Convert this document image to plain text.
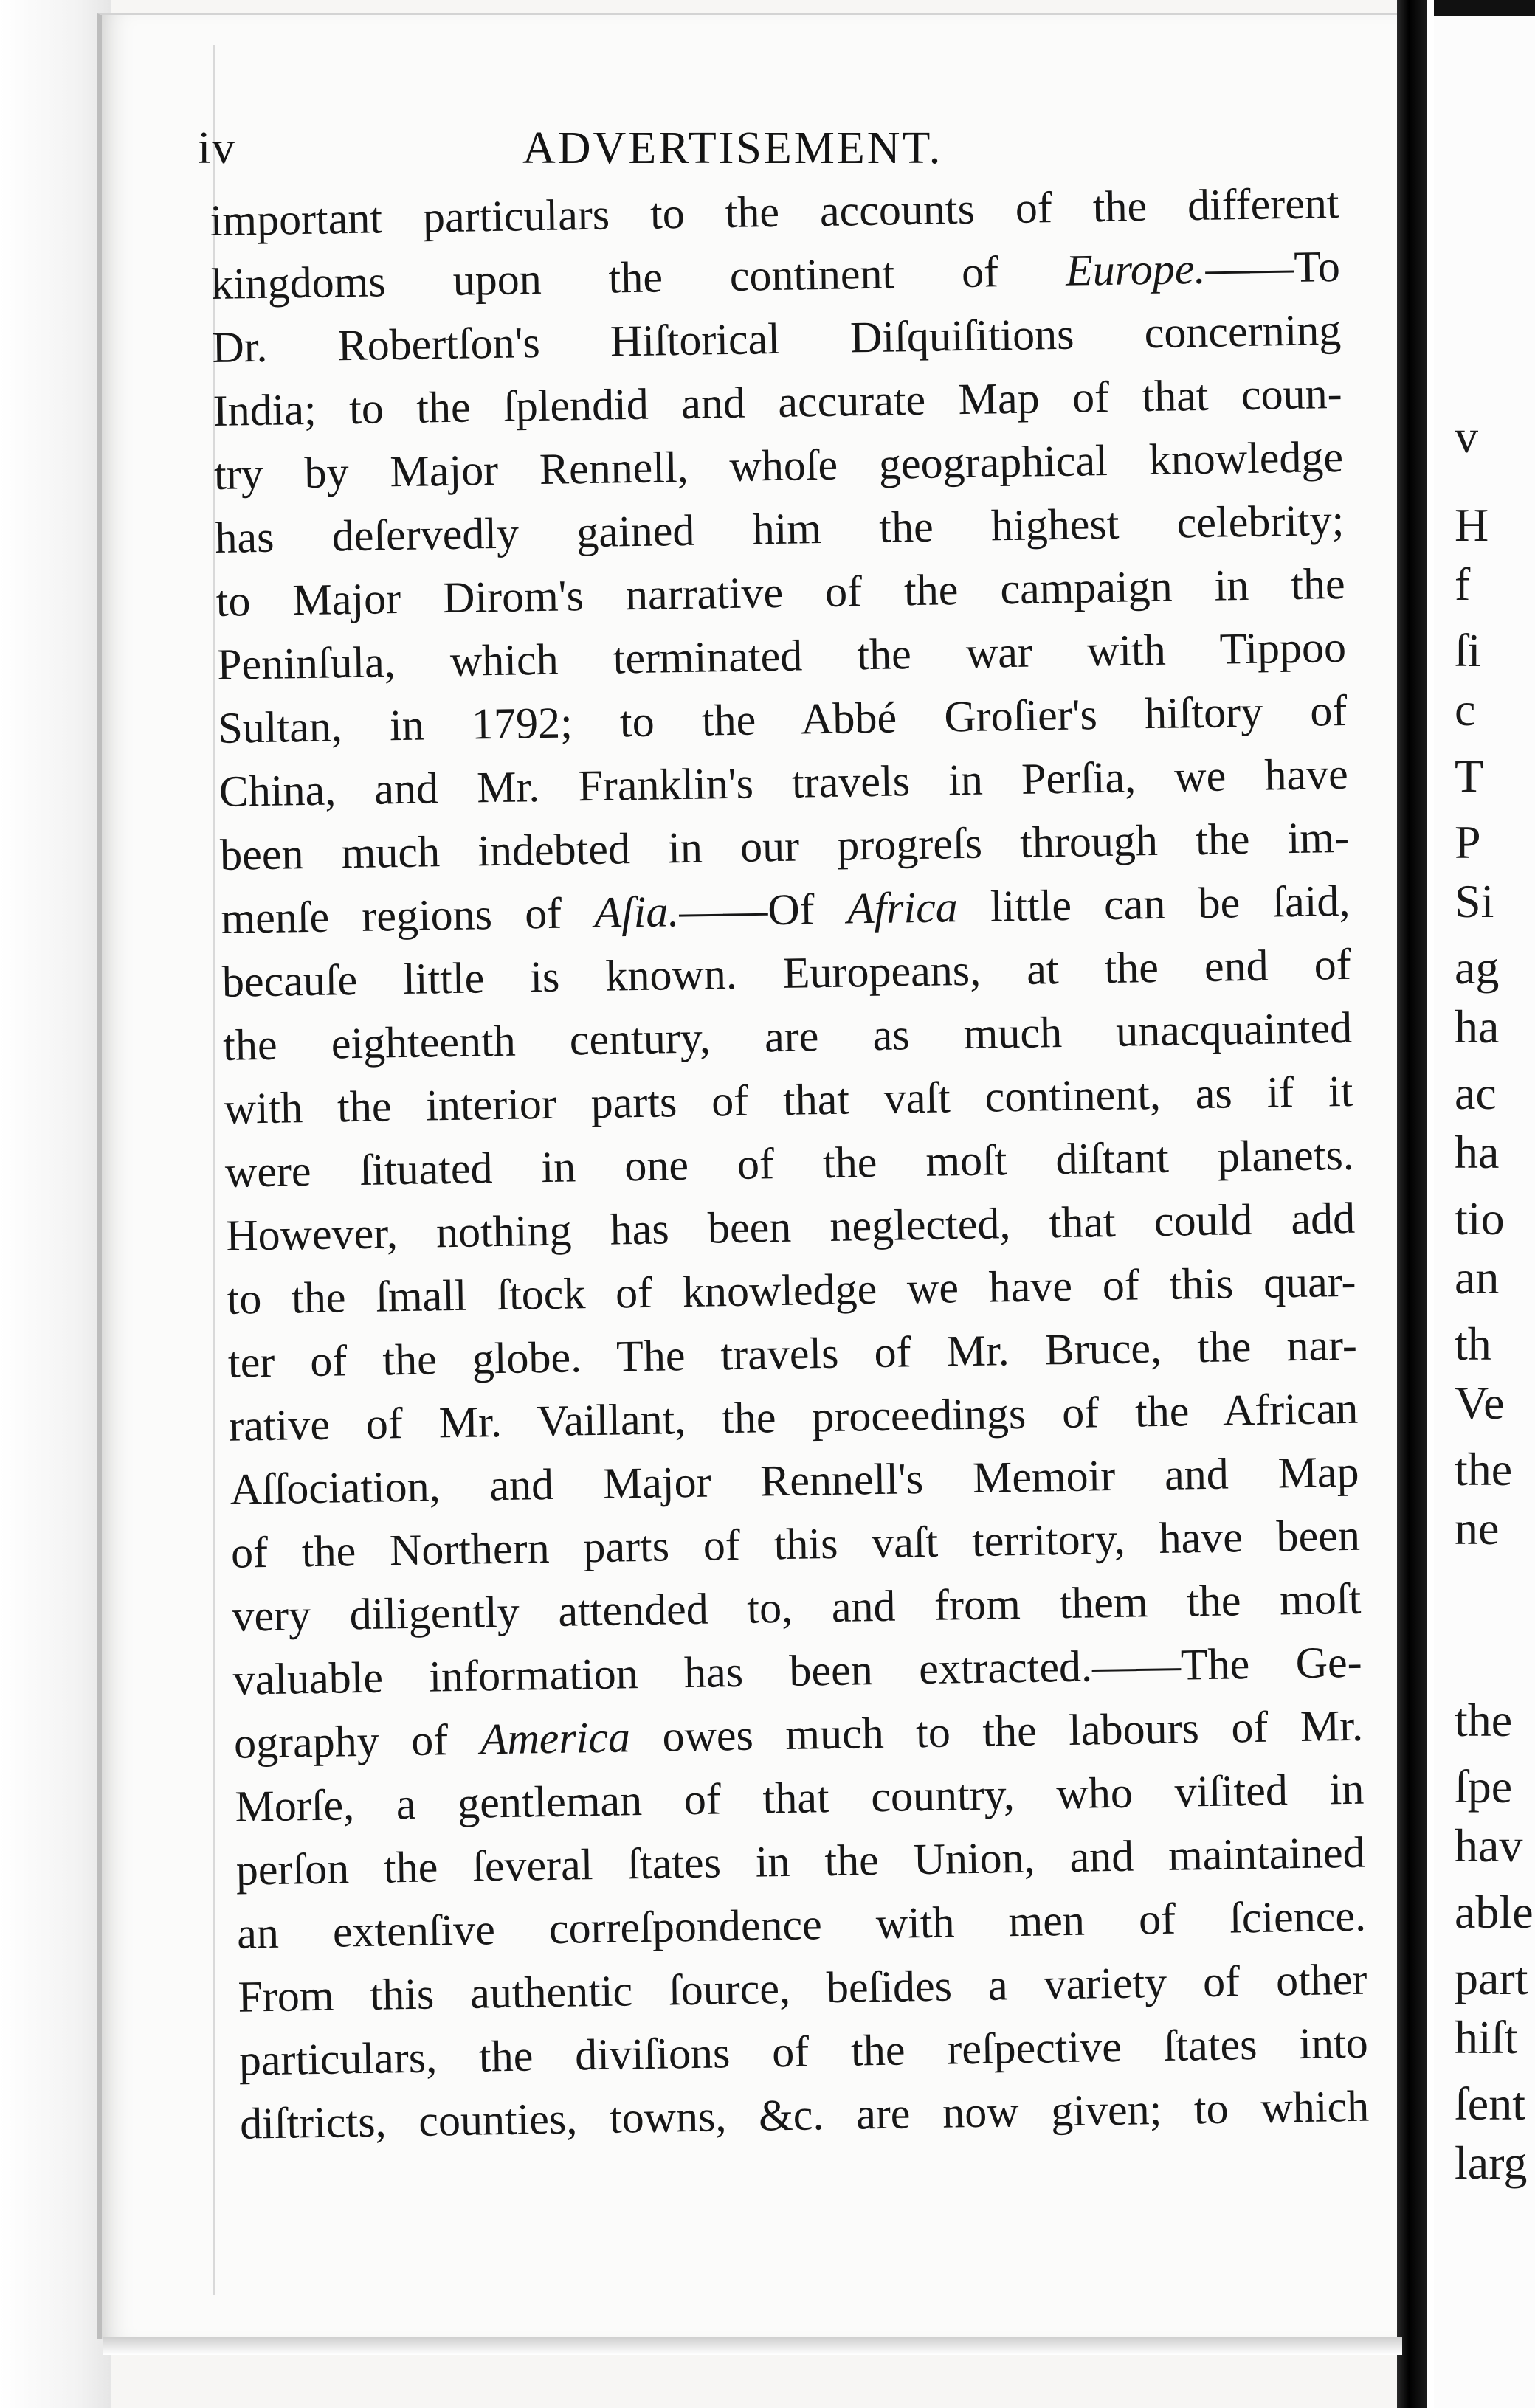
iv	ADVERTISEMENT.
important particulars to the accounts of the different
kingdoms upon the continent of Europe.——To
Dr. Robertſon's Hiſtorical Diſquiſitions concerning
India; to the ſplendid and accurate Map of that coun-
try by Major Rennell, whoſe geographical knowledge
has deſervedly gained him the highest celebrity;
to Major Dirom's narrative of the campaign in the
Peninſula, which terminated the war with Tippoo
Sultan, in 1792; to the Abbé Groſier's hiſtory of
China, and Mr. Franklin's travels in Perſia, we have
been much indebted in our progreſs through the im-
menſe regions of Aſia.——Of Africa little can be ſaid,
becauſe little is known. Europeans, at the end of
the eighteenth century, are as much unacquainted
with the interior parts of that vaſt continent, as if it
were ſituated in one of the moſt diſtant planets.
However, nothing has been neglected, that could add
to the ſmall ſtock of knowledge we have of this quar-
ter of the globe. The travels of Mr. Bruce, the nar-
rative of Mr. Vaillant, the proceedings of the African
Aſſociation, and Major Rennell's Memoir and Map
of the Northern parts of this vaſt territory, have been
very diligently attended to, and from them the moſt
valuable information has been extracted.——The Ge-
ography of America owes much to the labours of Mr.
Morſe, a gentleman of that country, who viſited in
perſon the ſeveral ſtates in the Union, and maintained
an extenſive correſpondence with men of ſcience.
From this authentic ſource, beſides a variety of other
particulars, the diviſions of the reſpective ſtates into
diſtricts, counties, towns, &c. are now given; to which
v
H
f
ſi
c
T
P
Si
ag
ha
ac
ha
tio
an
th
Ve
the
ne
the
ſpe
hav
able
part
hiſt
ſent
larg
